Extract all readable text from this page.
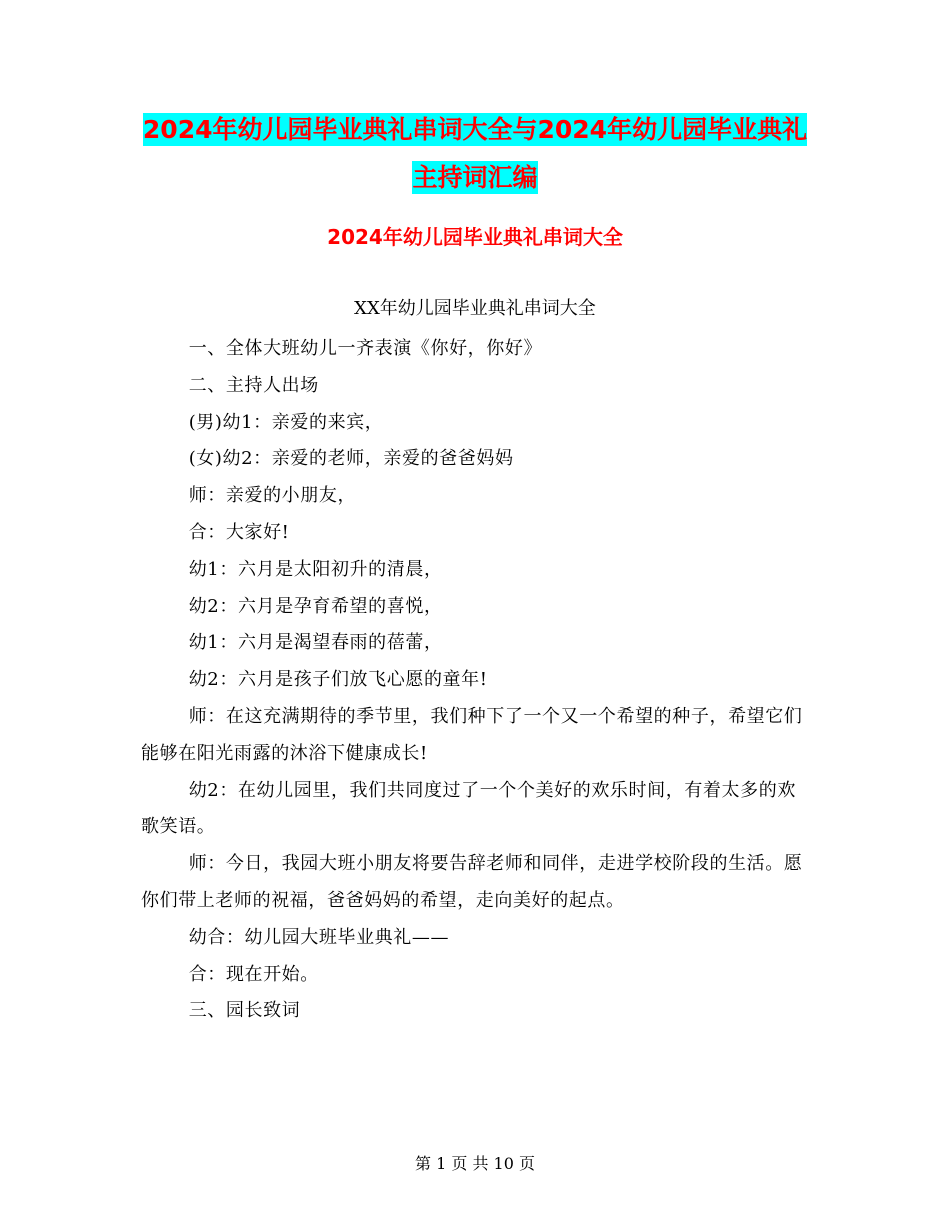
2024年幼儿园毕业典礼串词大全与2024年幼儿园毕业典礼主持词汇编
2024年幼儿园毕业典礼串词大全
XX年幼儿园毕业典礼串词大全

一、全体大班幼儿一齐表演《你好，你好》

二、主持人出场

(男)幼1：亲爱的来宾，

(女)幼2：亲爱的老师，亲爱的爸爸妈妈

师：亲爱的小朋友，

合：大家好!

幼1：六月是太阳初升的清晨，

幼2：六月是孕育希望的喜悦，

幼1：六月是渴望春雨的蓓蕾，

幼2：六月是孩子们放飞心愿的童年!

师：在这充满期待的季节里，我们种下了一个又一个希望的种子，希望它们能够在阳光雨露的沐浴下健康成长!

幼2：在幼儿园里，我们共同度过了一个个美好的欢乐时间，有着太多的欢歌笑语。

师：今日，我园大班小朋友将要告辞老师和同伴，走进学校阶段的生活。愿你们带上老师的祝福，爸爸妈妈的希望，走向美好的起点。

幼合：幼儿园大班毕业典礼——

合：现在开始。

三、园长致词

第 1 页 共 10 页
